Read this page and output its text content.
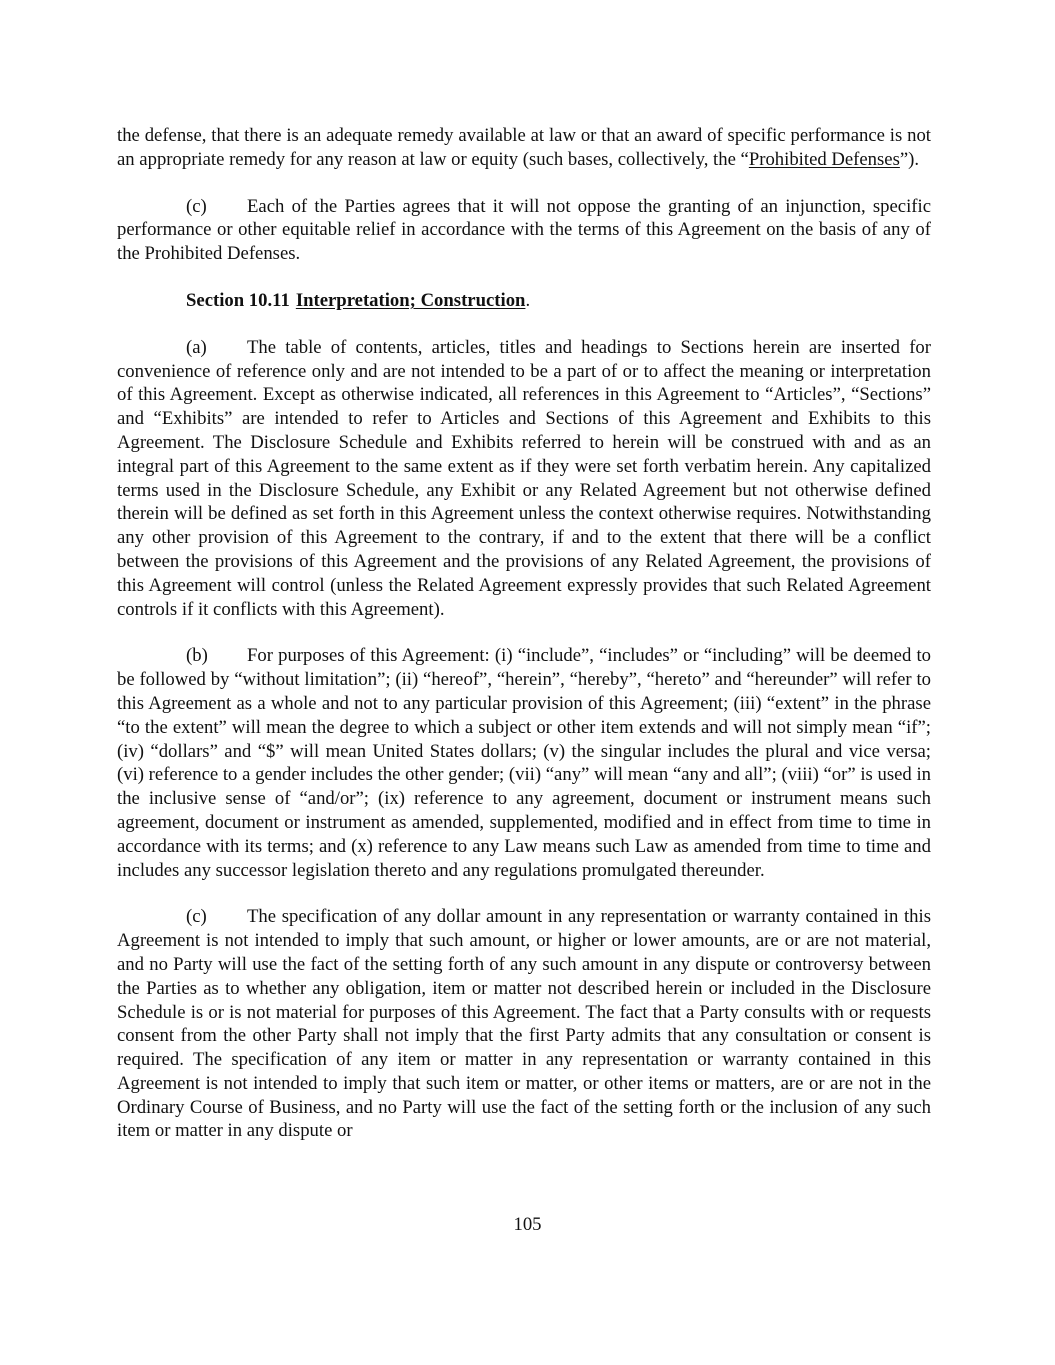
the defense, that there is an adequate remedy available at law or that an award of specific performance is not an appropriate remedy for any reason at law or equity (such bases, collectively, the “Prohibited Defenses”).

(c) Each of the Parties agrees that it will not oppose the granting of an injunction, specific performance or other equitable relief in accordance with the terms of this Agreement on the basis of any of the Prohibited Defenses.

Section 10.11 Interpretation; Construction.

(a) The table of contents, articles, titles and headings to Sections herein are inserted for convenience of reference only and are not intended to be a part of or to affect the meaning or interpretation of this Agreement. Except as otherwise indicated, all references in this Agreement to “Articles”, “Sections” and “Exhibits” are intended to refer to Articles and Sections of this Agreement and Exhibits to this Agreement. The Disclosure Schedule and Exhibits referred to herein will be construed with and as an integral part of this Agreement to the same extent as if they were set forth verbatim herein. Any capitalized terms used in the Disclosure Schedule, any Exhibit or any Related Agreement but not otherwise defined therein will be defined as set forth in this Agreement unless the context otherwise requires. Notwithstanding any other provision of this Agreement to the contrary, if and to the extent that there will be a conflict between the provisions of this Agreement and the provisions of any Related Agreement, the provisions of this Agreement will control (unless the Related Agreement expressly provides that such Related Agreement controls if it conflicts with this Agreement).

(b) For purposes of this Agreement: (i) “include”, “includes” or “including” will be deemed to be followed by “without limitation”; (ii) “hereof”, “herein”, “hereby”, “hereto” and “hereunder” will refer to this Agreement as a whole and not to any particular provision of this Agreement; (iii) “extent” in the phrase “to the extent” will mean the degree to which a subject or other item extends and will not simply mean “if”; (iv) “dollars” and “$” will mean United States dollars; (v) the singular includes the plural and vice versa; (vi) reference to a gender includes the other gender; (vii) “any” will mean “any and all”; (viii) “or” is used in the inclusive sense of “and/or”; (ix) reference to any agreement, document or instrument means such agreement, document or instrument as amended, supplemented, modified and in effect from time to time in accordance with its terms; and (x) reference to any Law means such Law as amended from time to time and includes any successor legislation thereto and any regulations promulgated thereunder.

(c) The specification of any dollar amount in any representation or warranty contained in this Agreement is not intended to imply that such amount, or higher or lower amounts, are or are not material, and no Party will use the fact of the setting forth of any such amount in any dispute or controversy between the Parties as to whether any obligation, item or matter not described herein or included in the Disclosure Schedule is or is not material for purposes of this Agreement. The fact that a Party consults with or requests consent from the other Party shall not imply that the first Party admits that any consultation or consent is required. The specification of any item or matter in any representation or warranty contained in this Agreement is not intended to imply that such item or matter, or other items or matters, are or are not in the Ordinary Course of Business, and no Party will use the fact of the setting forth or the inclusion of any such item or matter in any dispute or

105
